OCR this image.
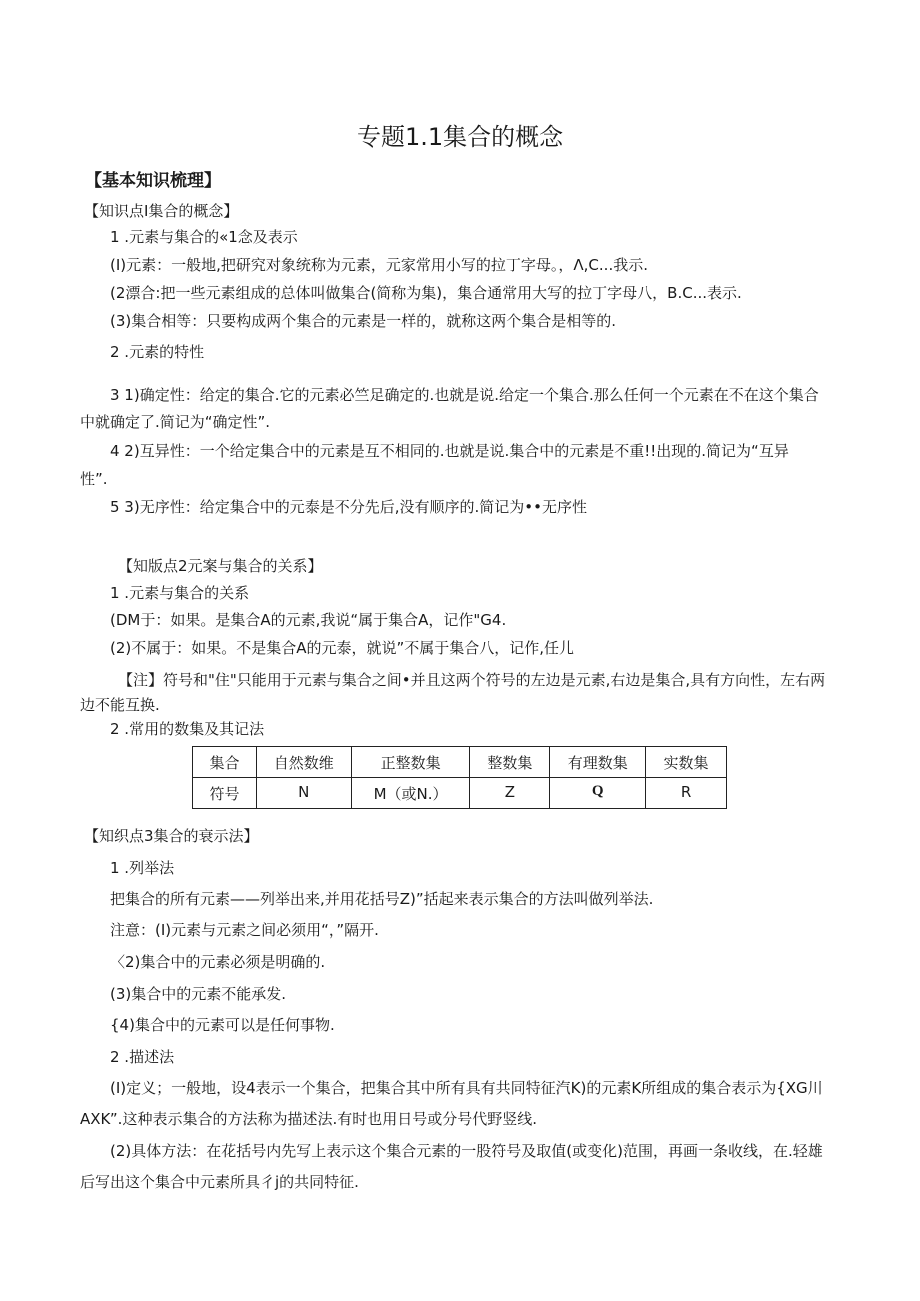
专题1.1集合的概念
【基本知识梳理】
【知识点I集合的概念】
1 .元素与集合的«1念及表示
(I)元素：一般地,把研究对象统称为元素，元家常用小写的拉丁字母。，Λ,C...我示.
(2漂合:把一些元素组成的总体叫做集合(简称为集)，集合通常用大写的拉丁字母八，B.C...表示.
(3)集合相等：只要构成两个集合的元素是一样的，就称这两个集合是相等的.
2 .元素的特性
3 1)确定性：给定的集合.它的元素必竺足确定的.也就是说.给定一个集合.那么任何一个元素在不在这个集合
中就确定了.简记为“确定性”.
4 2)互异性：一个给定集合中的元素是互不相同的.也就是说.集合中的元素是不重!!出现的.简记为“互异
性”.
5 3)无序性：给定集合中的元泰是不分先后,没有顺序的.简记为••无序性
【知版点2元案与集合的关系】
1 .元素与集合的关系
(DM于：如果。是集合A的元素,我说“属于集合A，记作"G4.
(2)不属于：如果。不是集合A的元泰，就说”不属于集合八，记作,任儿
【注】符号和"住"只能用于元素与集合之间•并且这两个符号的左边是元素,右边是集合,具有方向性，左右两
边不能互换.
2 .常用的数集及其记法
集合	自然数维	正整数集	整数集	有理数集	实数集
符号	N	M（或N.）	Z	Q	R
【知织点3集合的衰示法】
1 .列举法
把集合的所有元素——列举出来,并用花括号Z)”括起来表示集合的方法叫做列举法.
注意：(I)元素与元素之间必须用“，”隔开.
〈2)集合中的元素必须是明确的.
(3)集合中的元素不能承发.
{4)集合中的元素可以是任何事物.
2 .描述法
(I)定义；一般地，设4表示一个集合，把集合其中所有具有共同特征汽K)的元素K所组成的集合表示为{XG川
AXK”.这种表示集合的方法称为描述法.有时也用日号或分号代野竖线.
(2)具体方法：在花括号内先写上表示这个集合元素的一股符号及取值(或变化)范围，再画一条收线，在.轻雄
后写出这个集合中元素所具彳j的共同特征.
